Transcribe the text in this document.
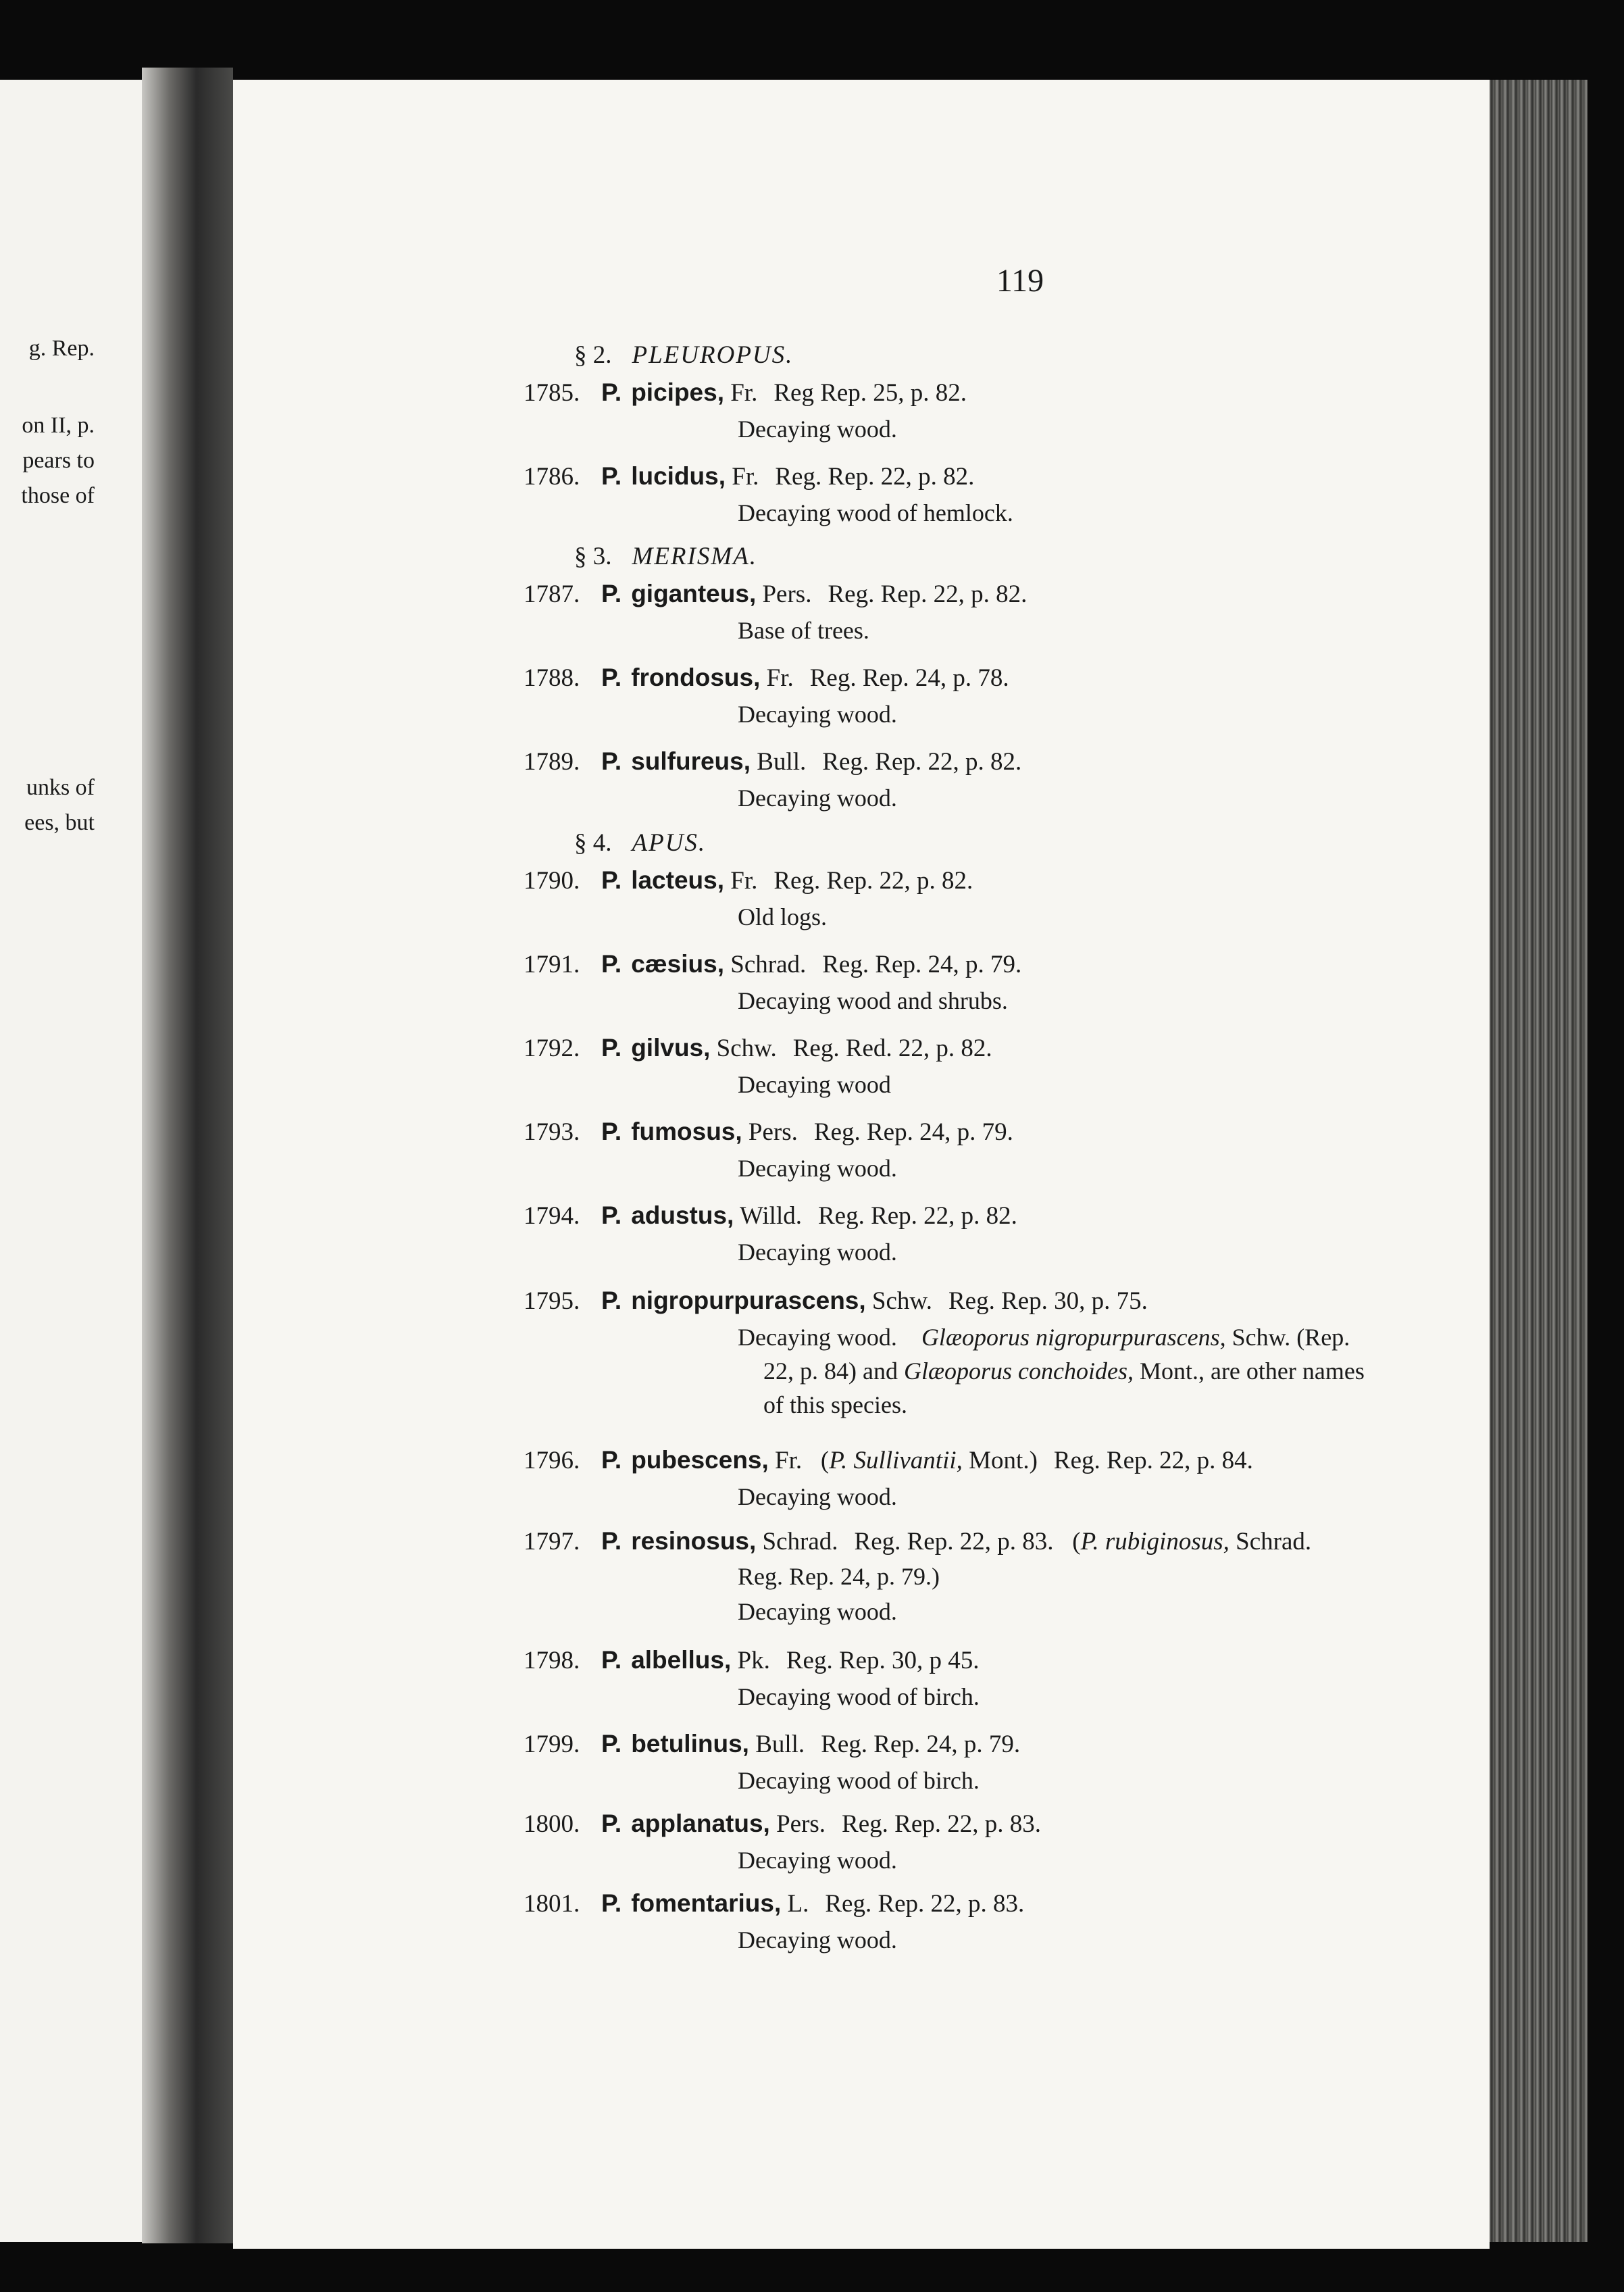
g. Rep.
on II, p.
pears to
those of
unks of
ees, but
119
§ 2. PLEUROPUS.
1785. P. picipes, Fr. Reg Rep. 25, p. 82.
Decaying wood.
1786. P. lucidus, Fr. Reg. Rep. 22, p. 82.
Decaying wood of hemlock.
§ 3. MERISMA.
1787. P. giganteus, Pers. Reg. Rep. 22, p. 82.
Base of trees.
1788. P. frondosus, Fr. Reg. Rep. 24, p. 78.
Decaying wood.
1789. P. sulfureus, Bull. Reg. Rep. 22, p. 82.
Decaying wood.
§ 4. APUS.
1790. P. lacteus, Fr. Reg. Rep. 22, p. 82.
Old logs.
1791. P. cæsius, Schrad. Reg. Rep. 24, p. 79.
Decaying wood and shrubs.
1792. P. gilvus, Schw. Reg. Red. 22, p. 82.
Decaying wood
1793. P. fumosus, Pers. Reg. Rep. 24, p. 79.
Decaying wood.
1794. P. adustus, Willd. Reg. Rep. 22, p. 82.
Decaying wood.
1795. P. nigropurpurascens, Schw. Reg. Rep. 30, p. 75.
Decaying wood. Glæoporus nigropurpurascens, Schw. (Rep.
22, p. 84) and Glæoporus conchoides, Mont., are other names
of this species.
1796. P. pubescens, Fr. (P. Sullivantii, Mont.) Reg. Rep. 22, p. 84.
Decaying wood.
1797. P. resinosus, Schrad. Reg. Rep. 22, p. 83. (P. rubiginosus, Schrad.
Reg. Rep. 24, p. 79.)
Decaying wood.
1798. P. albellus, Pk. Reg. Rep. 30, p 45.
Decaying wood of birch.
1799. P. betulinus, Bull. Reg. Rep. 24, p. 79.
Decaying wood of birch.
1800. P. applanatus, Pers. Reg. Rep. 22, p. 83.
Decaying wood.
1801. P. fomentarius, L. Reg. Rep. 22, p. 83.
Decaying wood.
